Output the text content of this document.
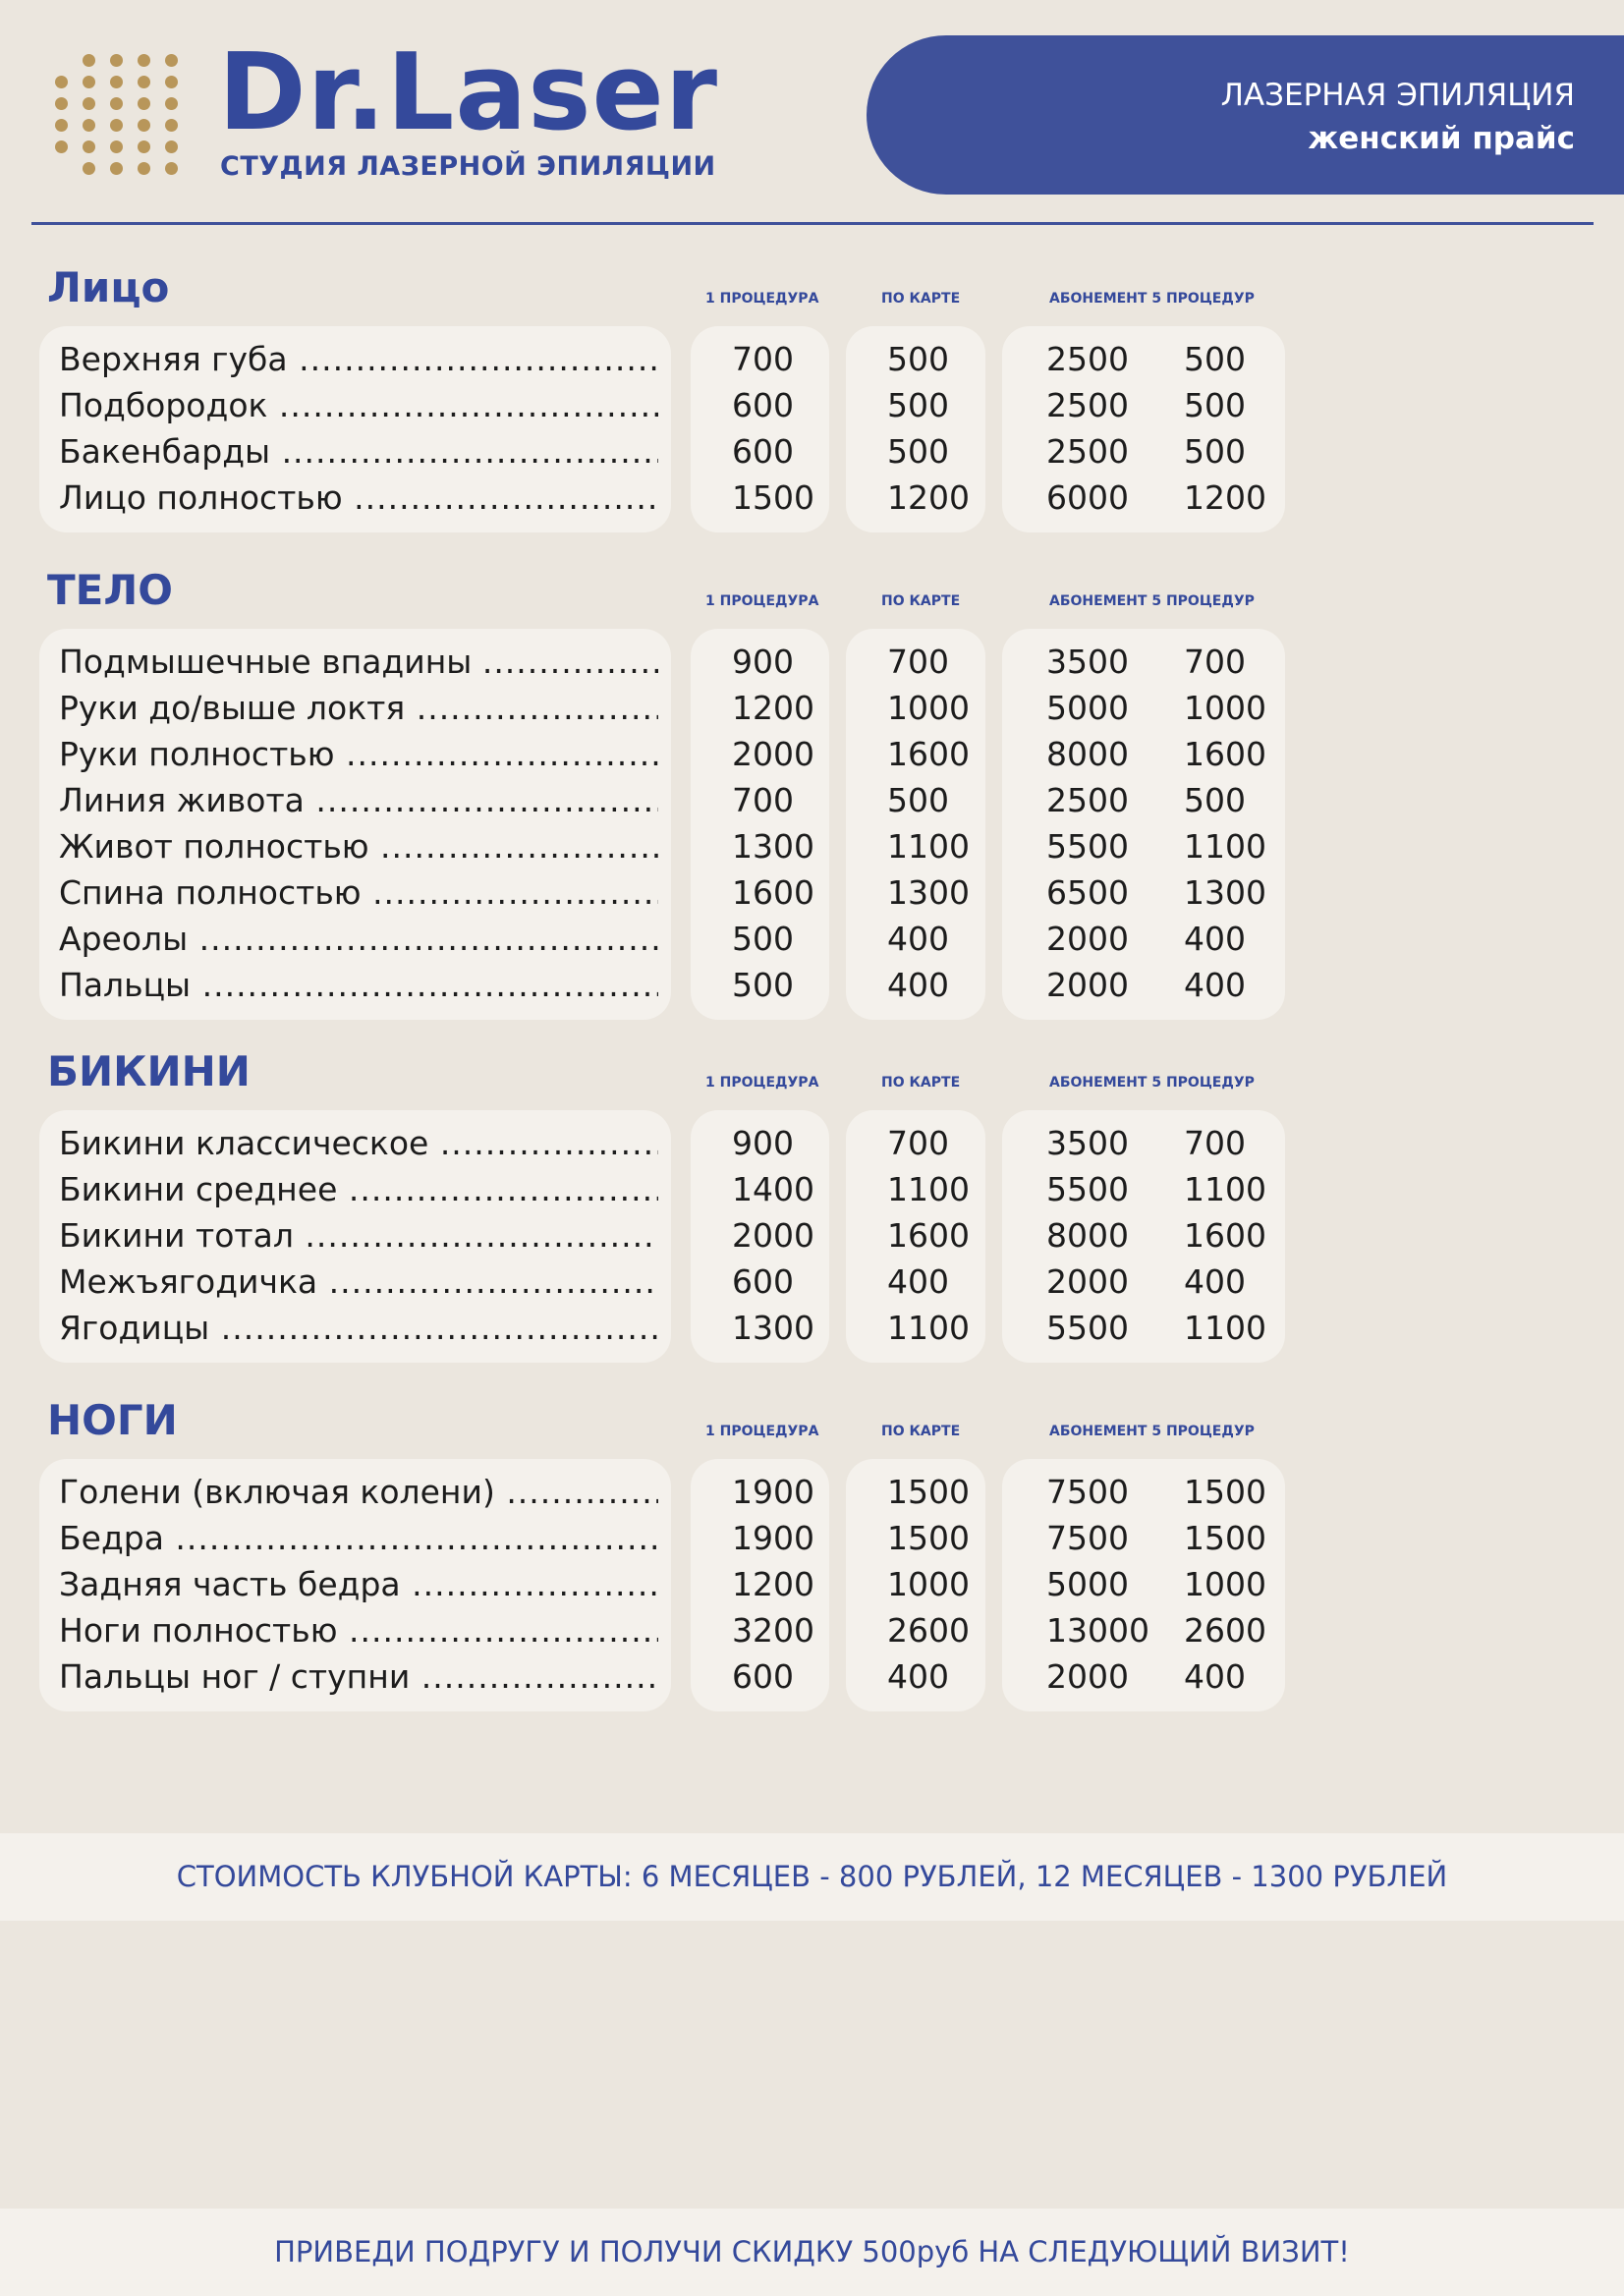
Dr.Laser
СТУДИЯ ЛАЗЕРНОЙ ЭПИЛЯЦИИ
ЛАЗЕРНАЯ ЭПИЛЯЦИЯ
женский прайс
Лицо	1 ПРОЦЕДУРА	ПО КАРТЕ	АБОНЕМЕНТ 5 ПРОЦЕДУР
Верхняя губа .....	700	500	2500 500
Подбородок .....	600	500	2500 500
Бакенбарды .....	600	500	2500 500
Лицо полностью .....	1500 1200 6000 1200
ТЕЛО	1 ПРОЦЕДУРА	ПО КАРТЕ	АБОНЕМЕНТ 5 ПРОЦЕДУР
Подмышечные впадины .....	900	700	3500 700
Руки до/выше локтя .....	1200 1000 5000 1000
Руки полностью .....	2000 1600 8000 1600
Линия живота .....	700	500	2500 500
Живот полностью .....	1300 1100 5500 1100
Спина полностью .....	1600 1300 6500 1300
Ареолы .....	500	400	2000 400
Пальцы .....	500	400	2000 400
БИКИНИ	1 ПРОЦЕДУРА	ПО КАРТЕ	АБОНЕМЕНТ 5 ПРОЦЕДУР
Бикини классическое .....	900	700	3500 700
Бикини среднее .....	1400 1100 5500 1100
Бикини тотал .....	2000 1600 8000 1600
Межъягодичка .....	600	400	2000 400
Ягодицы .....	1300 1100 5500 1100
НОГИ	1 ПРОЦЕДУРА	ПО КАРТЕ	АБОНЕМЕНТ 5 ПРОЦЕДУР
Голени (включая колени) .....	1900 1500 7500 1500
Бедра .....	1900 1500 7500 1500
Задняя часть бедра .....	1200 1000 5000 1000
Ноги полностью .....	3200 2600 13000 2600
Пальцы ног / ступни .....	600	400	2000 400
СТОИМОСТЬ КЛУБНОЙ КАРТЫ: 6 МЕСЯЦЕВ - 800 РУБЛЕЙ, 12 МЕСЯЦЕВ - 1300 РУБЛЕЙ
ПРИВЕДИ ПОДРУГУ И ПОЛУЧИ СКИДКУ 500руб НА СЛЕДУЮЩИЙ ВИЗИТ!
